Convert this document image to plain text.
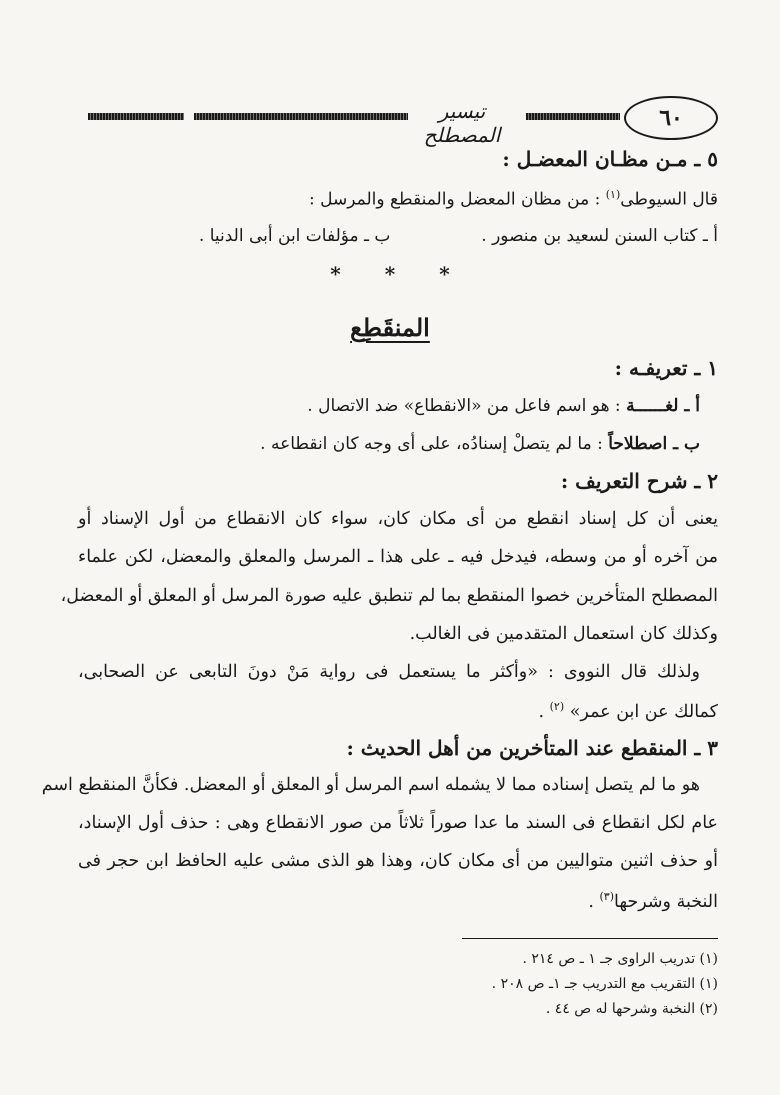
٦٠
تيسير المصطلح
٥ ـ مـن مظـان المعضـل :
قال السيوطى$^{(١)}$ : من مظان المعضل والمنقطع والمرسل :
أ ـ كتاب السنن لسعيد بن منصور .  ب ـ مؤلفات ابن أبى الدنيا .
* * *
المنقَطِع
١ ـ تعريفـه :
أ ـ لغــــــة : هو اسم فاعل من «الانقطاع» ضد الاتصال .
ب ـ اصطلاحاً : ما لم يتصلْ إسنادُه، على أى وجه كان انقطاعه .
٢ ـ شرح التعريف :
يعنى أن كل إسناد انقطع من أى مكان كان، سواء كان الانقطاع من أول الإسناد أو
من آخره أو من وسطه، فيدخل فيه ـ على هذا ـ المرسل والمعلق والمعضل، لكن علماء
المصطلح المتأخرين خصوا المنقطع بما لم تنطبق عليه صورة المرسل أو المعلق أو المعضل،
وكذلك كان استعمال المتقدمين فى الغالب.
ولذلك قال النووى : «وأكثر ما يستعمل فى رواية مَنْ دونَ التابعى عن الصحابى،
كمالك عن ابن عمر» $^{(٢)}$ .
٣ ـ المنقطع عند المتأخرين من أهل الحديث :
هو ما لم يتصل إسناده مما لا يشمله اسم المرسل أو المعلق أو المعضل. فكأنَّ المنقطع اسم
عام لكل انقطاع فى السند ما عدا صوراً ثلاثاً من صور الانقطاع وهى : حذف أول الإسناد،
أو حذف اثنين متواليين من أى مكان كان، وهذا هو الذى مشى عليه الحافظ ابن حجر فى
النخبة وشرحها$^{(٣)}$ .
(١) تدريب الراوى جـ ١ ـ ص ٢١٤ .
(١) التقريب مع التدريب جـ ١ـ ص ٢٠٨ .
(٢) النخبة وشرحها له ص ٤٤ .
